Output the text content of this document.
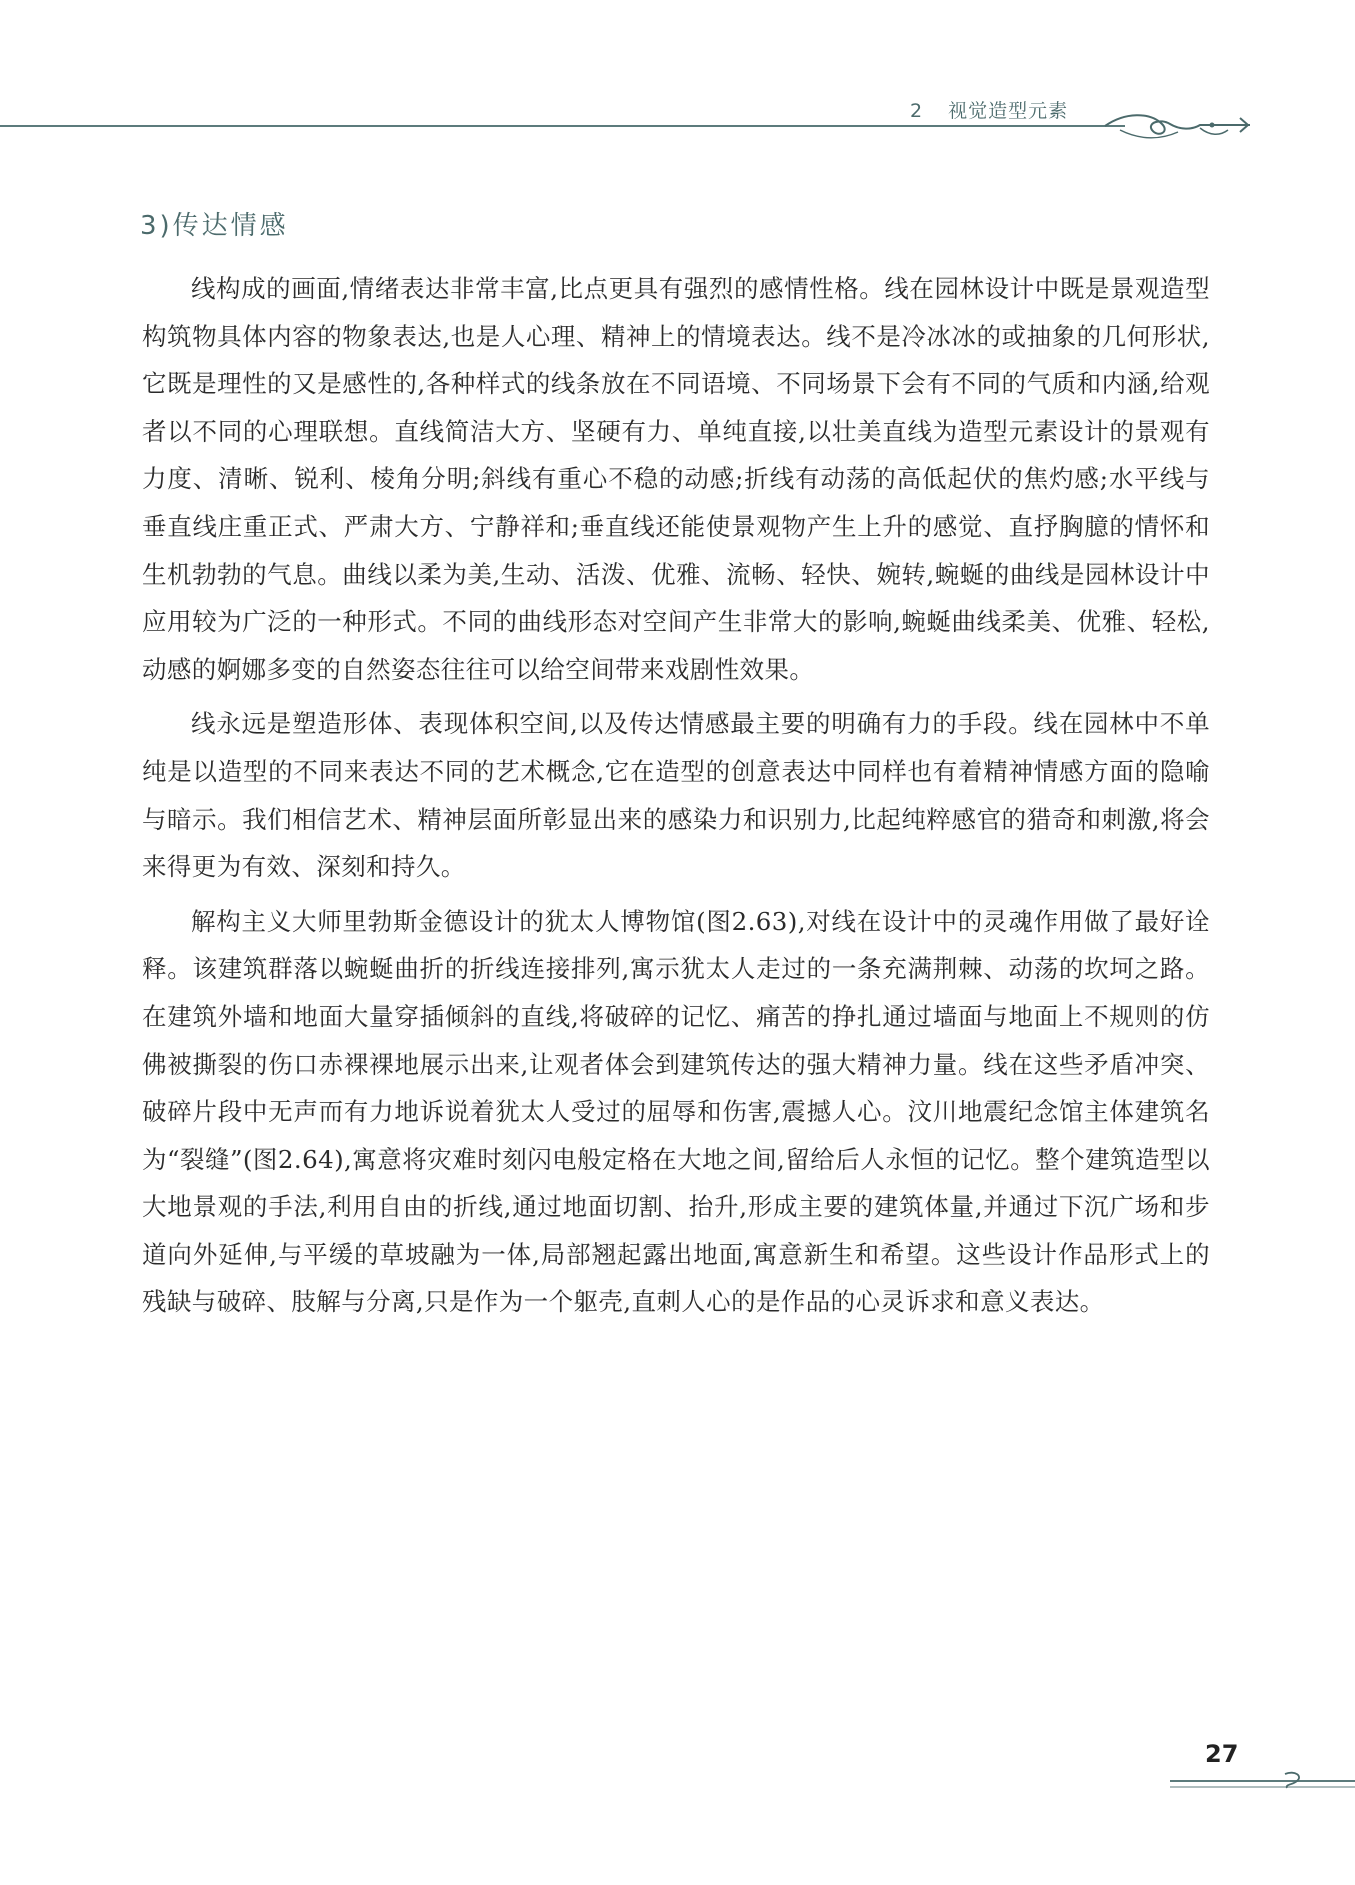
2 视觉造型元素
3)传达情感

线构成的画面,情绪表达非常丰富,比点更具有强烈的感情性格。线在园林设计中既是景观造型构筑物具体内容的物象表达,也是人心理、精神上的情境表达。线不是冷冰冰的或抽象的几何形状,它既是理性的又是感性的,各种样式的线条放在不同语境、不同场景下会有不同的气质和内涵,给观者以不同的心理联想。直线简洁大方、坚硬有力、单纯直接,以壮美直线为造型元素设计的景观有力度、清晰、锐利、棱角分明;斜线有重心不稳的动感;折线有动荡的高低起伏的焦灼感;水平线与垂直线庄重正式、严肃大方、宁静祥和;垂直线还能使景观物产生上升的感觉、直抒胸臆的情怀和生机勃勃的气息。曲线以柔为美,生动、活泼、优雅、流畅、轻快、婉转,蜿蜒的曲线是园林设计中应用较为广泛的一种形式。不同的曲线形态对空间产生非常大的影响,蜿蜒曲线柔美、优雅、轻松,动感的婀娜多变的自然姿态往往可以给空间带来戏剧性效果。

线永远是塑造形体、表现体积空间,以及传达情感最主要的明确有力的手段。线在园林中不单纯是以造型的不同来表达不同的艺术概念,它在造型的创意表达中同样也有着精神情感方面的隐喻与暗示。我们相信艺术、精神层面所彰显出来的感染力和识别力,比起纯粹感官的猎奇和刺激,将会来得更为有效、深刻和持久。

解构主义大师里勃斯金德设计的犹太人博物馆(图2.63),对线在设计中的灵魂作用做了最好诠释。该建筑群落以蜿蜒曲折的折线连接排列,寓示犹太人走过的一条充满荆棘、动荡的坎坷之路。在建筑外墙和地面大量穿插倾斜的直线,将破碎的记忆、痛苦的挣扎通过墙面与地面上不规则的仿佛被撕裂的伤口赤裸裸地展示出来,让观者体会到建筑传达的强大精神力量。线在这些矛盾冲突、破碎片段中无声而有力地诉说着犹太人受过的屈辱和伤害,震撼人心。汶川地震纪念馆主体建筑名为“裂缝”(图2.64),寓意将灾难时刻闪电般定格在大地之间,留给后人永恒的记忆。整个建筑造型以大地景观的手法,利用自由的折线,通过地面切割、抬升,形成主要的建筑体量,并通过下沉广场和步道向外延伸,与平缓的草坡融为一体,局部翘起露出地面,寓意新生和希望。这些设计作品形式上的残缺与破碎、肢解与分离,只是作为一个躯壳,直刺人心的是作品的心灵诉求和意义表达。

27
